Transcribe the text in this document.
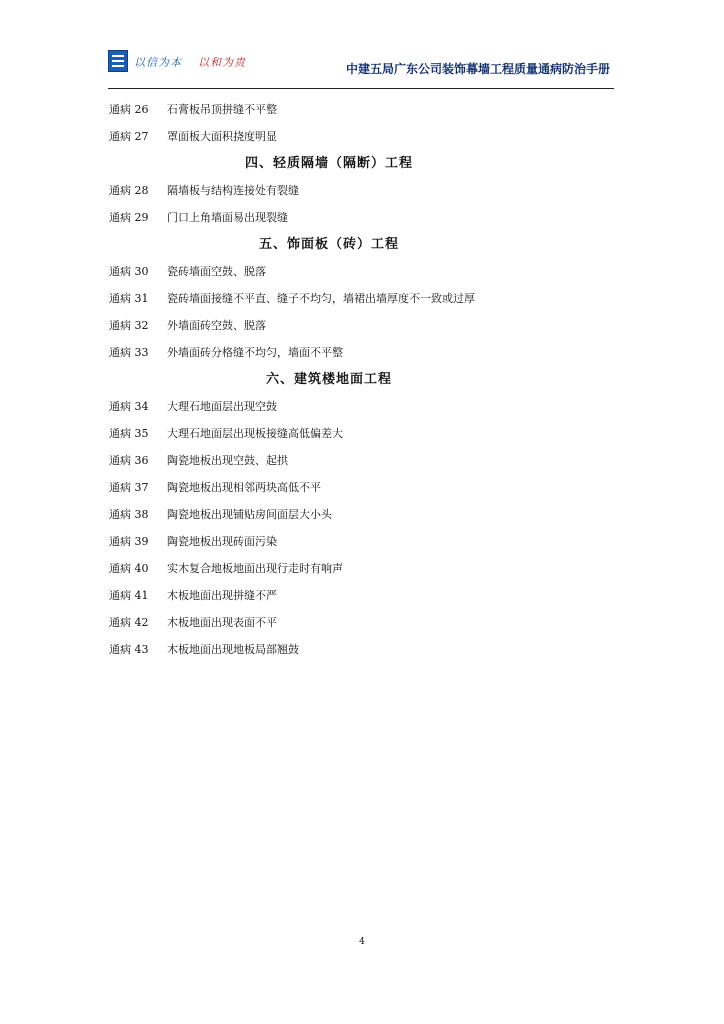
以信为本 以和为贵	中建五局广东公司装饰幕墙工程质量通病防治手册
通病 26	石膏板吊顶拼缝不平整
通病 27	罩面板大面积挠度明显
四、轻质隔墙（隔断）工程
通病 28	隔墙板与结构连接处有裂缝
通病 29	门口上角墙面易出现裂缝
五、饰面板（砖）工程
通病 30	瓷砖墙面空鼓、脱落
通病 31	瓷砖墙面接缝不平直、缝子不均匀，墙裙出墙厚度不一致或过厚
通病 32	外墙面砖空鼓、脱落
通病 33	外墙面砖分格缝不均匀，墙面不平整
六、建筑楼地面工程
通病 34	大理石地面层出现空鼓
通病 35	大理石地面层出现板接缝高低偏差大
通病 36	陶瓷地板出现空鼓、起拱
通病 37	陶瓷地板出现相邻两块高低不平
通病 38	陶瓷地板出现铺贴房间面层大小头
通病 39	陶瓷地板出现砖面污染
通病 40	实木复合地板地面出现行走时有响声
通病 41	木板地面出现拼缝不严
通病 42	木板地面出现表面不平
通病 43	木板地面出现地板局部翘鼓
4
